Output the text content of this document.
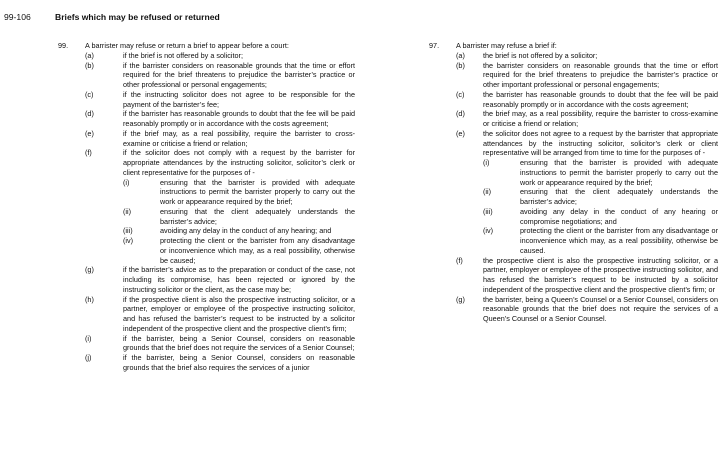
99-106	Briefs which may be refused or returned
99. A barrister may refuse or return a brief to appear before a court:
(a)	if the brief is not offered by a solicitor;
(b)	if the barrister considers on reasonable grounds that the time or effort required for the brief threatens to prejudice the barrister’s practice or other professional or personal engagements;
(c)	if the instructing solicitor does not agree to be responsible for the payment of the barrister’s fee;
(d)	if the barrister has reasonable grounds to doubt that the fee will be paid reasonably promptly or in accordance with the costs agreement;
(e)	if the brief may, as a real possibility, require the barrister to cross-examine or criticise a friend or relation;
(f)	if the solicitor does not comply with a request by the barrister for appropriate attendances by the instructing solicitor, solicitor’s clerk or client representative for the purposes of -
(i)	ensuring that the barrister is provided with adequate instructions to permit the barrister properly to carry out the work or appearance required by the brief;
(ii)	ensuring that the client adequately understands the barrister’s advice;
(iii)	avoiding any delay in the conduct of any hearing; and
(iv)	protecting the client or the barrister from any disadvantage or inconvenience which may, as a real possibility, otherwise be caused;
(g)	if the barrister’s advice as to the preparation or conduct of the case, not including its compromise, has been rejected or ignored by the instructing solicitor or the client, as the case may be;
(h)	if the prospective client is also the prospective instructing solicitor, or a partner, employer or employee of the prospective instructing solicitor, and has refused the barrister’s request to be instructed by a solicitor independent of the prospective client and the prospective client’s firm;
(i)	if the barrister, being a Senior Counsel, considers on reasonable grounds that the brief does not require the services of a Senior Counsel;
(j)	if the barrister, being a Senior Counsel, considers on reasonable grounds that the brief also requires the services of a junior
97. A barrister may refuse a brief if:
(a)	the brief is not offered by a solicitor;
(b)	the barrister considers on reasonable grounds that the time or effort required for the brief threatens to prejudice the barrister’s practice or other important professional or personal engagements;
(c)	the barrister has reasonable grounds to doubt that the fee will be paid reasonably promptly or in accordance with the costs agreement;
(d)	the brief may, as a real possibility, require the barrister to cross-examine or criticise a friend or relation;
(e)	the solicitor does not agree to a request by the barrister that appropriate attendances by the instructing solicitor, solicitor’s clerk or client representative will be arranged from time to time for the purposes of -
(i)	ensuring that the barrister is provided with adequate instructions to permit the barrister properly to carry out the work or appearance required by the brief;
(ii)	ensuring that the client adequately understands the barrister’s advice;
(iii)	avoiding any delay in the conduct of any hearing or compromise negotiations; and
(iv)	protecting the client or the barrister from any disadvantage or inconvenience which may, as a real possibility, otherwise be caused.
(f)	the prospective client is also the prospective instructing solicitor, or a partner, employer or employee of the prospective instructing solicitor, and has refused the barrister’s request to be instructed by a solicitor independent of the prospective client and the prospective client’s firm; or
(g)	the barrister, being a Queen’s Counsel or a Senior Counsel, considers on reasonable grounds that the brief does not require the services of a Queen’s Counsel or a Senior Counsel.
